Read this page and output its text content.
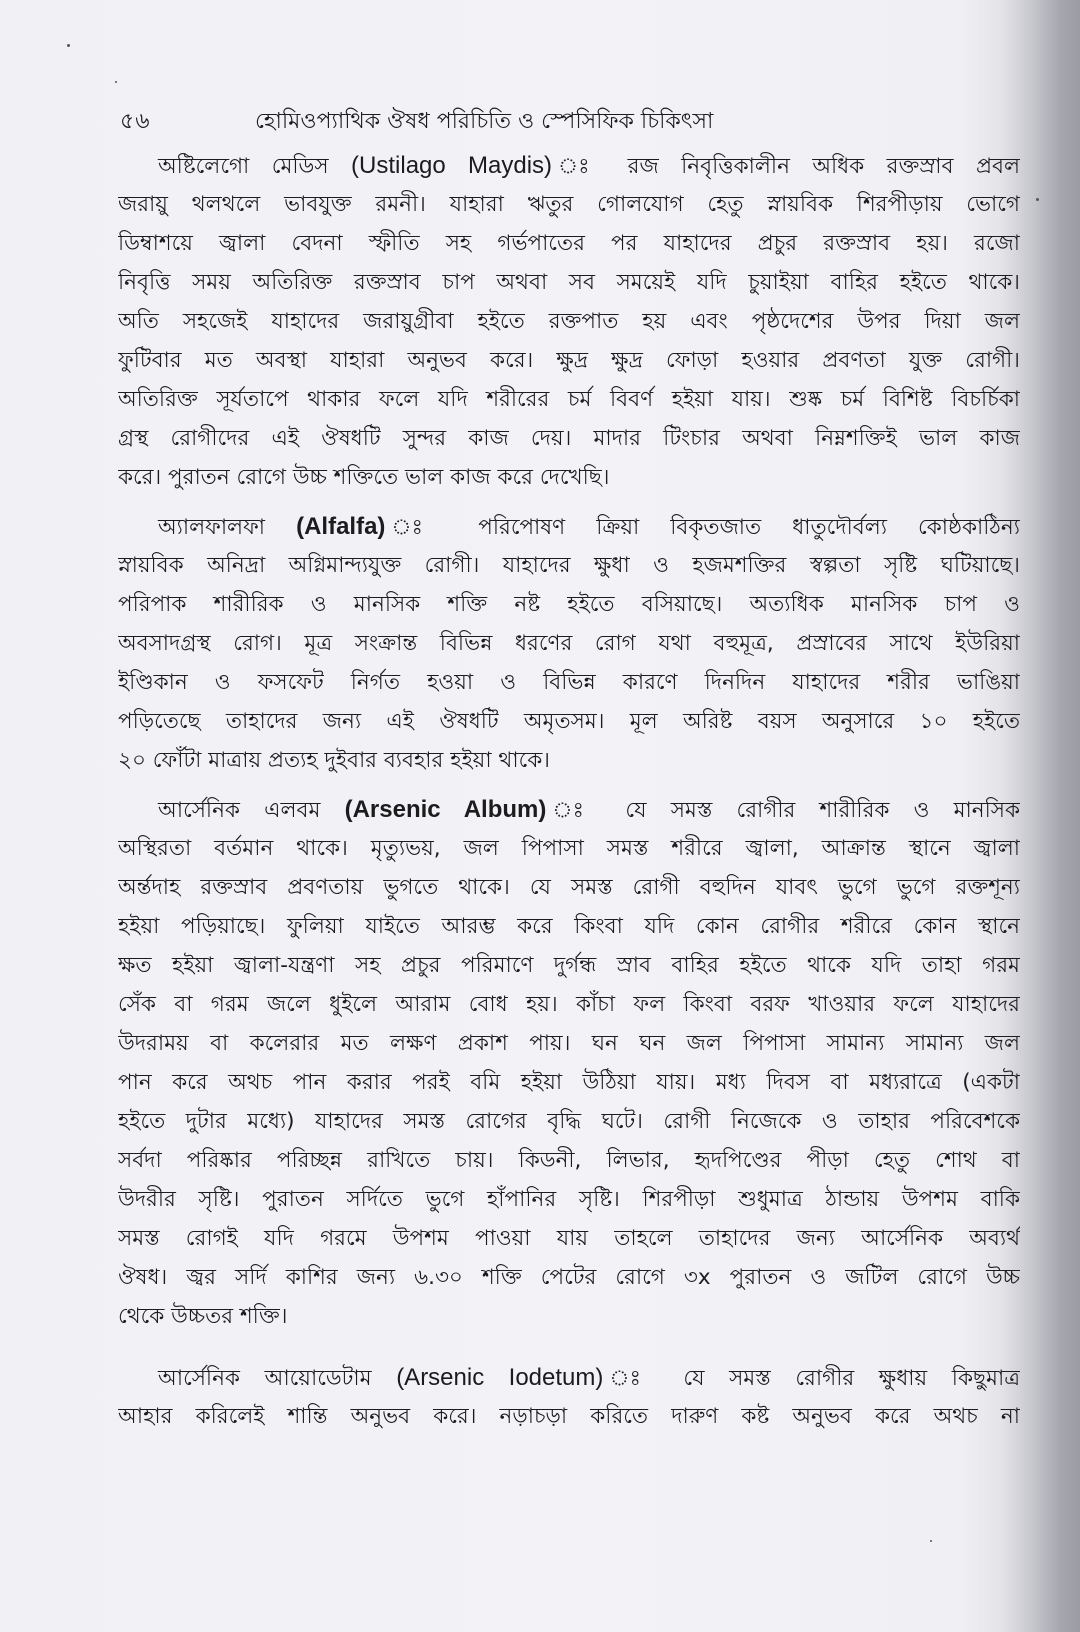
৫৬	হোমিওপ্যাথিক ঔষধ পরিচিতি ও স্পেসিফিক চিকিৎসা
অষ্টিলেগো মেডিস (Ustilago Maydis) ঃ রজ নিবৃত্তিকালীন অধিক রক্তস্রাব প্রবল
জরায়ু থলথলে ভাবযুক্ত রমনী। যাহারা ঋতুর গোলযোগ হেতু স্নায়বিক শিরপীড়ায় ভোগে
ডিম্বাশয়ে জ্বালা বেদনা স্ফীতি সহ গর্ভপাতের পর যাহাদের প্রচুর রক্তস্রাব হয়। রজো
নিবৃত্তি সময় অতিরিক্ত রক্তস্রাব চাপ অথবা সব সময়েই যদি চুয়াইয়া বাহির হইতে থাকে।
অতি সহজেই যাহাদের জরায়ুগ্রীবা হইতে রক্তপাত হয় এবং পৃষ্ঠদেশের উপর দিয়া জল
ফুটিবার মত অবস্থা যাহারা অনুভব করে। ক্ষুদ্র ক্ষুদ্র ফোড়া হওয়ার প্রবণতা যুক্ত রোগী।
অতিরিক্ত সূর্যতাপে থাকার ফলে যদি শরীরের চর্ম বিবর্ণ হইয়া যায়। শুষ্ক চর্ম বিশিষ্ট বিচর্চিকা
গ্রস্থ রোগীদের এই ঔষধটি সুন্দর কাজ দেয়। মাদার টিংচার অথবা নিম্নশক্তিই ভাল কাজ
করে। পুরাতন রোগে উচ্চ শক্তিতে ভাল কাজ করে দেখেছি।
অ্যালফালফা (Alfalfa)	ঃ পরিপোষণ ক্রিয়া বিকৃতজাত ধাতুদৌর্বল্য কোষ্ঠকাঠিন্য
স্নায়বিক অনিদ্রা অগ্নিমান্দ্যযুক্ত রোগী। যাহাদের ক্ষুধা ও হজমশক্তির স্বল্পতা সৃষ্টি ঘটিয়াছে।
পরিপাক শারীরিক ও মানসিক শক্তি নষ্ট হইতে বসিয়াছে। অত্যধিক মানসিক চাপ ও
অবসাদগ্রস্থ রোগ। মূত্র সংক্রান্ত বিভিন্ন ধরণের রোগ যথা বহুমূত্র, প্রস্রাবের সাথে ইউরিয়া
ইণ্ডিকান ও ফসফেট নির্গত হওয়া ও বিভিন্ন কারণে দিনদিন যাহাদের শরীর ভাঙিয়া
পড়িতেছে তাহাদের জন্য এই ঔষধটি অমৃতসম। মূল অরিষ্ট বয়স অনুসারে ১০ হইতে
২০ ফোঁটা মাত্রায় প্রত্যহ দুইবার ব্যবহার হইয়া থাকে।
আর্সেনিক এলবম (Arsenic Album)	ঃ যে সমস্ত রোগীর শারীরিক ও মানসিক
অস্থিরতা বর্তমান থাকে। মৃত্যুভয়, জল পিপাসা সমস্ত শরীরে জ্বালা, আক্রান্ত স্থানে জ্বালা
অর্ন্তদাহ রক্তস্রাব প্রবণতায় ভুগতে থাকে। যে সমস্ত রোগী বহুদিন যাবৎ ভুগে ভুগে রক্তশূন্য
হইয়া পড়িয়াছে। ফুলিয়া যাইতে আরম্ভ করে কিংবা যদি কোন রোগীর শরীরে কোন স্থানে
ক্ষত হইয়া জ্বালা-যন্ত্রণা সহ প্রচুর পরিমাণে দুর্গন্ধ স্রাব বাহির হইতে থাকে যদি তাহা গরম
সেঁক বা গরম জলে ধুইলে আরাম বোধ হয়। কাঁচা ফল কিংবা বরফ খাওয়ার ফলে যাহাদের
উদরাময় বা কলেরার মত লক্ষণ প্রকাশ পায়। ঘন ঘন জল পিপাসা সামান্য সামান্য জল
পান করে অথচ পান করার পরই বমি হইয়া উঠিয়া যায়। মধ্য দিবস বা মধ্যরাত্রে (একটা
হইতে দুটার মধ্যে) যাহাদের সমস্ত রোগের বৃদ্ধি ঘটে। রোগী নিজেকে ও তাহার পরিবেশকে
সর্বদা পরিষ্কার পরিচ্ছন্ন রাখিতে চায়। কিডনী, লিভার, হৃদপিণ্ডের পীড়া হেতু শোথ বা
উদরীর সৃষ্টি। পুরাতন সর্দিতে ভুগে হাঁপানির সৃষ্টি। শিরপীড়া শুধুমাত্র ঠান্ডায় উপশম বাকি
সমস্ত রোগই যদি গরমে উপশম পাওয়া যায় তাহলে তাহাদের জন্য আর্সেনিক অব্যর্থ
ঔষধ। জ্বর সর্দি কাশির জন্য ৬.৩০ শক্তি পেটের রোগে ৩x পুরাতন ও জটিল রোগে উচ্চ
থেকে উচ্চতর শক্তি।
আর্সেনিক আয়োডেটাম (Arsenic Iodetum)	ঃ যে সমস্ত রোগীর ক্ষুধায় কিছুমাত্র
আহার করিলেই শান্তি অনুভব করে। নড়াচড়া করিতে দারুণ কষ্ট অনুভব করে অথচ না
